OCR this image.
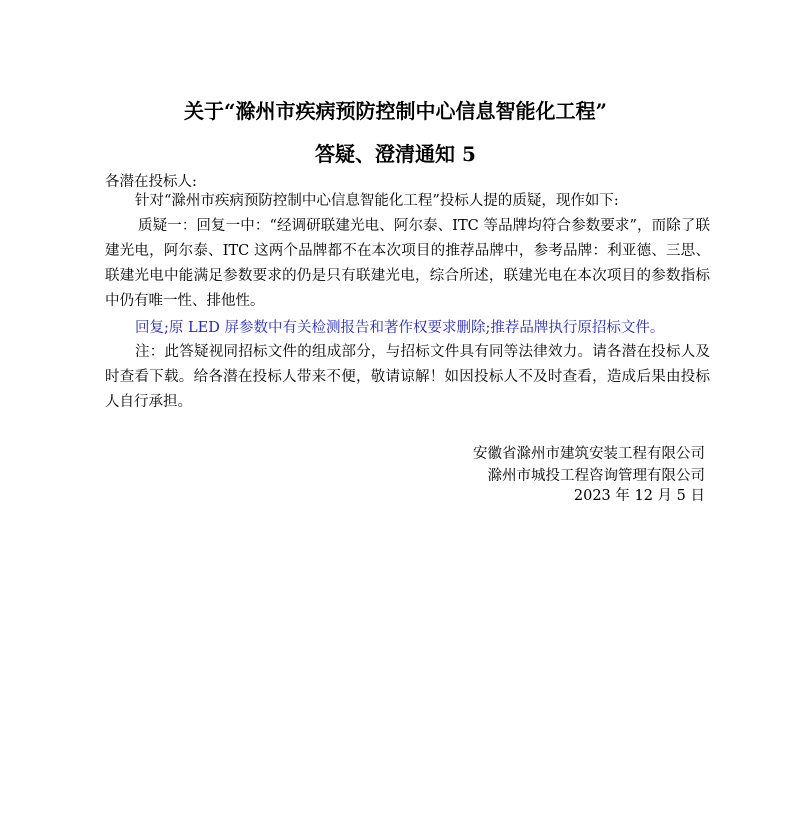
关于“滁州市疾病预防控制中心信息智能化工程”
答疑、澄清通知 5
各潜在投标人:
针对“滁州市疾病预防控制中心信息智能化工程”投标人提的质疑，现作如下:
质疑一：回复一中：“经调研联建光电、阿尔泰、ITC 等品牌均符合参数要求”，而除了联建光电，阿尔泰、ITC 这两个品牌都不在本次项目的推荐品牌中，参考品牌：利亚德、三思、联建光电中能满足参数要求的仍是只有联建光电，综合所述，联建光电在本次项目的参数指标中仍有唯一性、排他性。
回复;原 LED 屏参数中有关检测报告和著作权要求删除;推荐品牌执行原招标文件。
注：此答疑视同招标文件的组成部分，与招标文件具有同等法律效力。请各潜在投标人及时查看下载。给各潜在投标人带来不便，敬请谅解！如因投标人不及时查看，造成后果由投标人自行承担。
安徽省滁州市建筑安装工程有限公司
滁州市城投工程咨询管理有限公司
2023 年 12 月 5 日
